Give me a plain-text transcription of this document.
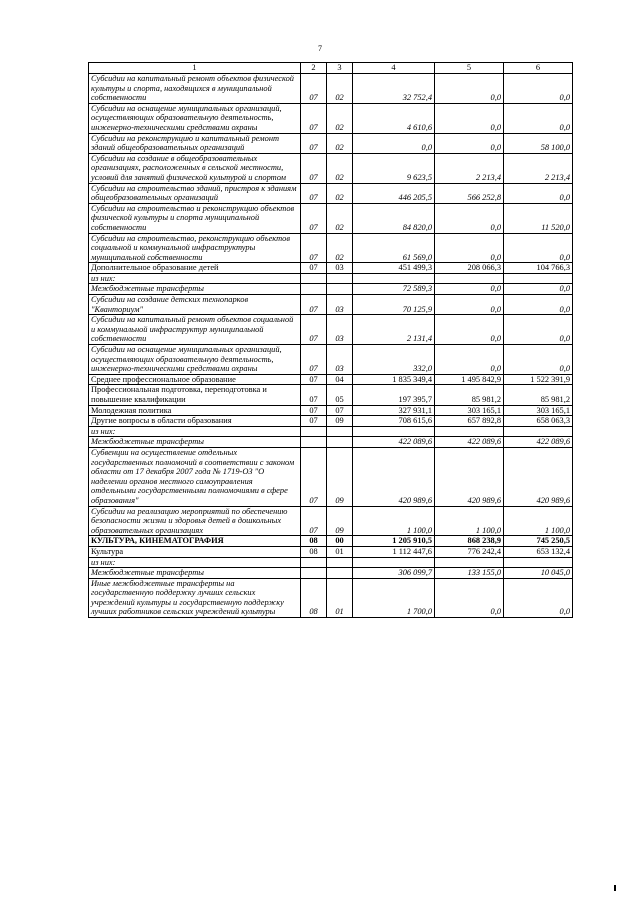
7
1	2	3	4	5	6
Субсидии на капитальный ремонт объектов физической культуры и спорта, находящихся в муниципальной собственности	07	02	32 752,4	0,0	0,0
Субсидии на оснащение муниципальных организаций, осуществляющих образовательную деятельность, инженерно-техническими средствами охраны	07	02	4 610,6	0,0	0,0
Субсидии на реконструкцию и капитальный ремонт зданий общеобразовательных организаций	07	02	0,0	0,0	58 100,0
Субсидии на создание в общеобразовательных организациях, расположенных в сельской местности, условий для занятий физической культурой и спортом	07	02	9 623,5	2 213,4	2 213,4
Субсидии на строительство зданий, пристроя к зданиям общеобразовательных организаций	07	02	446 205,5	566 252,8	0,0
Субсидии на строительство и реконструкцию объектов физической культуры и спорта муниципальной собственности	07	02	84 820,0	0,0	11 520,0
Субсидии на строительство, реконструкцию объектов социальной и коммунальной инфраструктуры муниципальной собственности	07	02	61 569,0	0,0	0,0
Дополнительное образование детей	07	03	451 499,3	208 066,3	104 766,3
из них:					
Межбюджетные трансферты			72 589,3	0,0	0,0
Субсидии на создание детских технопарков "Кванториум"	07	03	70 125,9	0,0	0,0
Субсидии на капитальный ремонт объектов социальной и коммунальной инфраструктур муниципальной собственности	07	03	2 131,4	0,0	0,0
Субсидии на оснащение муниципальных организаций, осуществляющих образовательную деятельность, инженерно-техническими средствами охраны	07	03	332,0	0,0	0,0
Среднее профессиональное образование	07	04	1 835 349,4	1 495 842,9	1 522 391,9
Профессиональная подготовка, переподготовка и повышение квалификации	07	05	197 395,7	85 981,2	85 981,2
Молодежная политика	07	07	327 931,1	303 165,1	303 165,1
Другие вопросы в области образования	07	09	708 615,6	657 892,8	658 063,3
из них:					
Межбюджетные трансферты			422 089,6	422 089,6	422 089,6
Субвенции на осуществление отдельных государственных полномочий в соответствии с законом области от 17 декабря 2007 года № 1719-ОЗ "О наделении органов местного самоуправления отдельными государственными полномочиями в сфере образования"	07	09	420 989,6	420 989,6	420 989,6
Субсидии на реализацию мероприятий по обеспечению безопасности жизни и здоровья детей в дошкольных образовательных организациях	07	09	1 100,0	1 100,0	1 100,0
КУЛЬТУРА, КИНЕМАТОГРАФИЯ	08	00	1 205 910,5	868 238,9	745 250,5
Культура	08	01	1 112 447,6	776 242,4	653 132,4
из них:					
Межбюджетные трансферты			306 099,7	133 155,0	10 045,0
Иные межбюджетные трансферты на государственную поддержку лучших сельских учреждений культуры и государственную поддержку лучших работников сельских учреждений культуры	08	01	1 700,0	0,0	0,0
